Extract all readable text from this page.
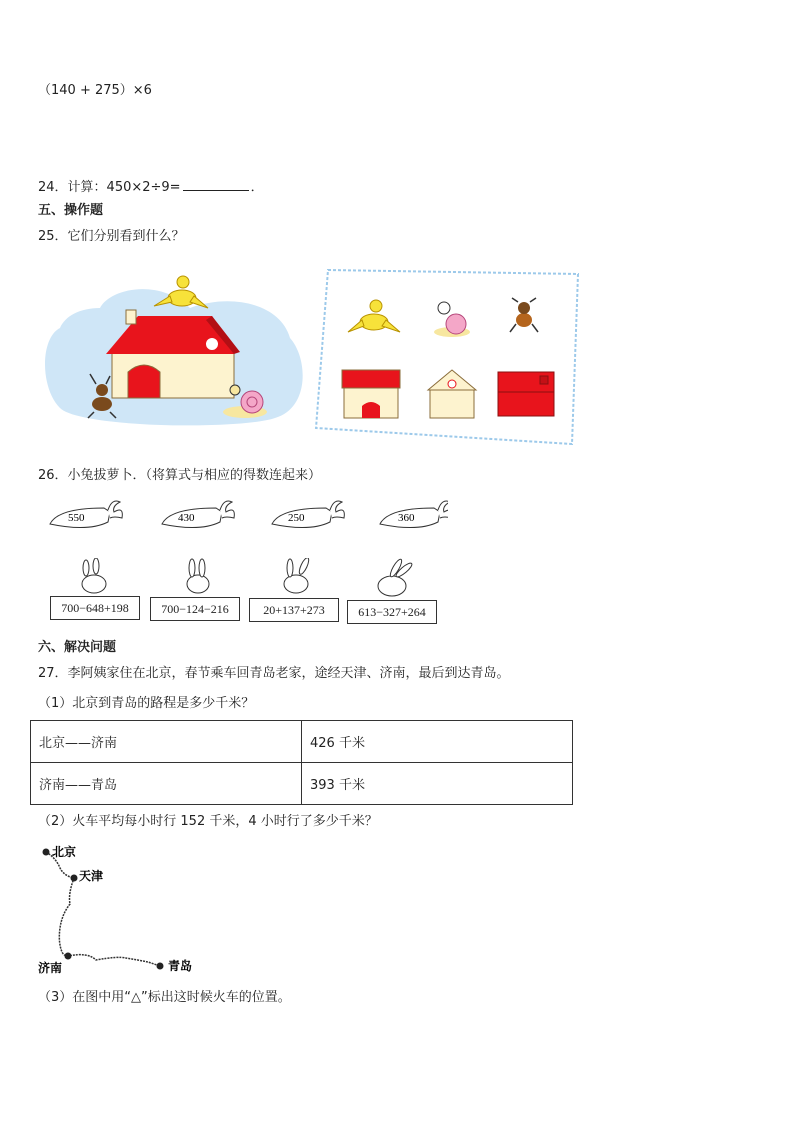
（140 + 275）×6
24．计算：450×2÷9=	．
五、操作题
25．它们分别看到什么？
26．小兔拔萝卜．（将算式与相应的得数连起来）
550	430	250	360
700−648+198	700−124−216	20+137+273	613−327+264
六、解决问题
27．李阿姨家住在北京，春节乘车回青岛老家，途经天津、济南，最后到达青岛。
（1）北京到青岛的路程是多少千米？
北京——济南	426 千米
济南——青岛	393 千米
（2）火车平均每小时行 152 千米，4 小时行了多少千米？
北京
天津
济南	青岛
（3）在图中用“△”标出这时候火车的位置。
